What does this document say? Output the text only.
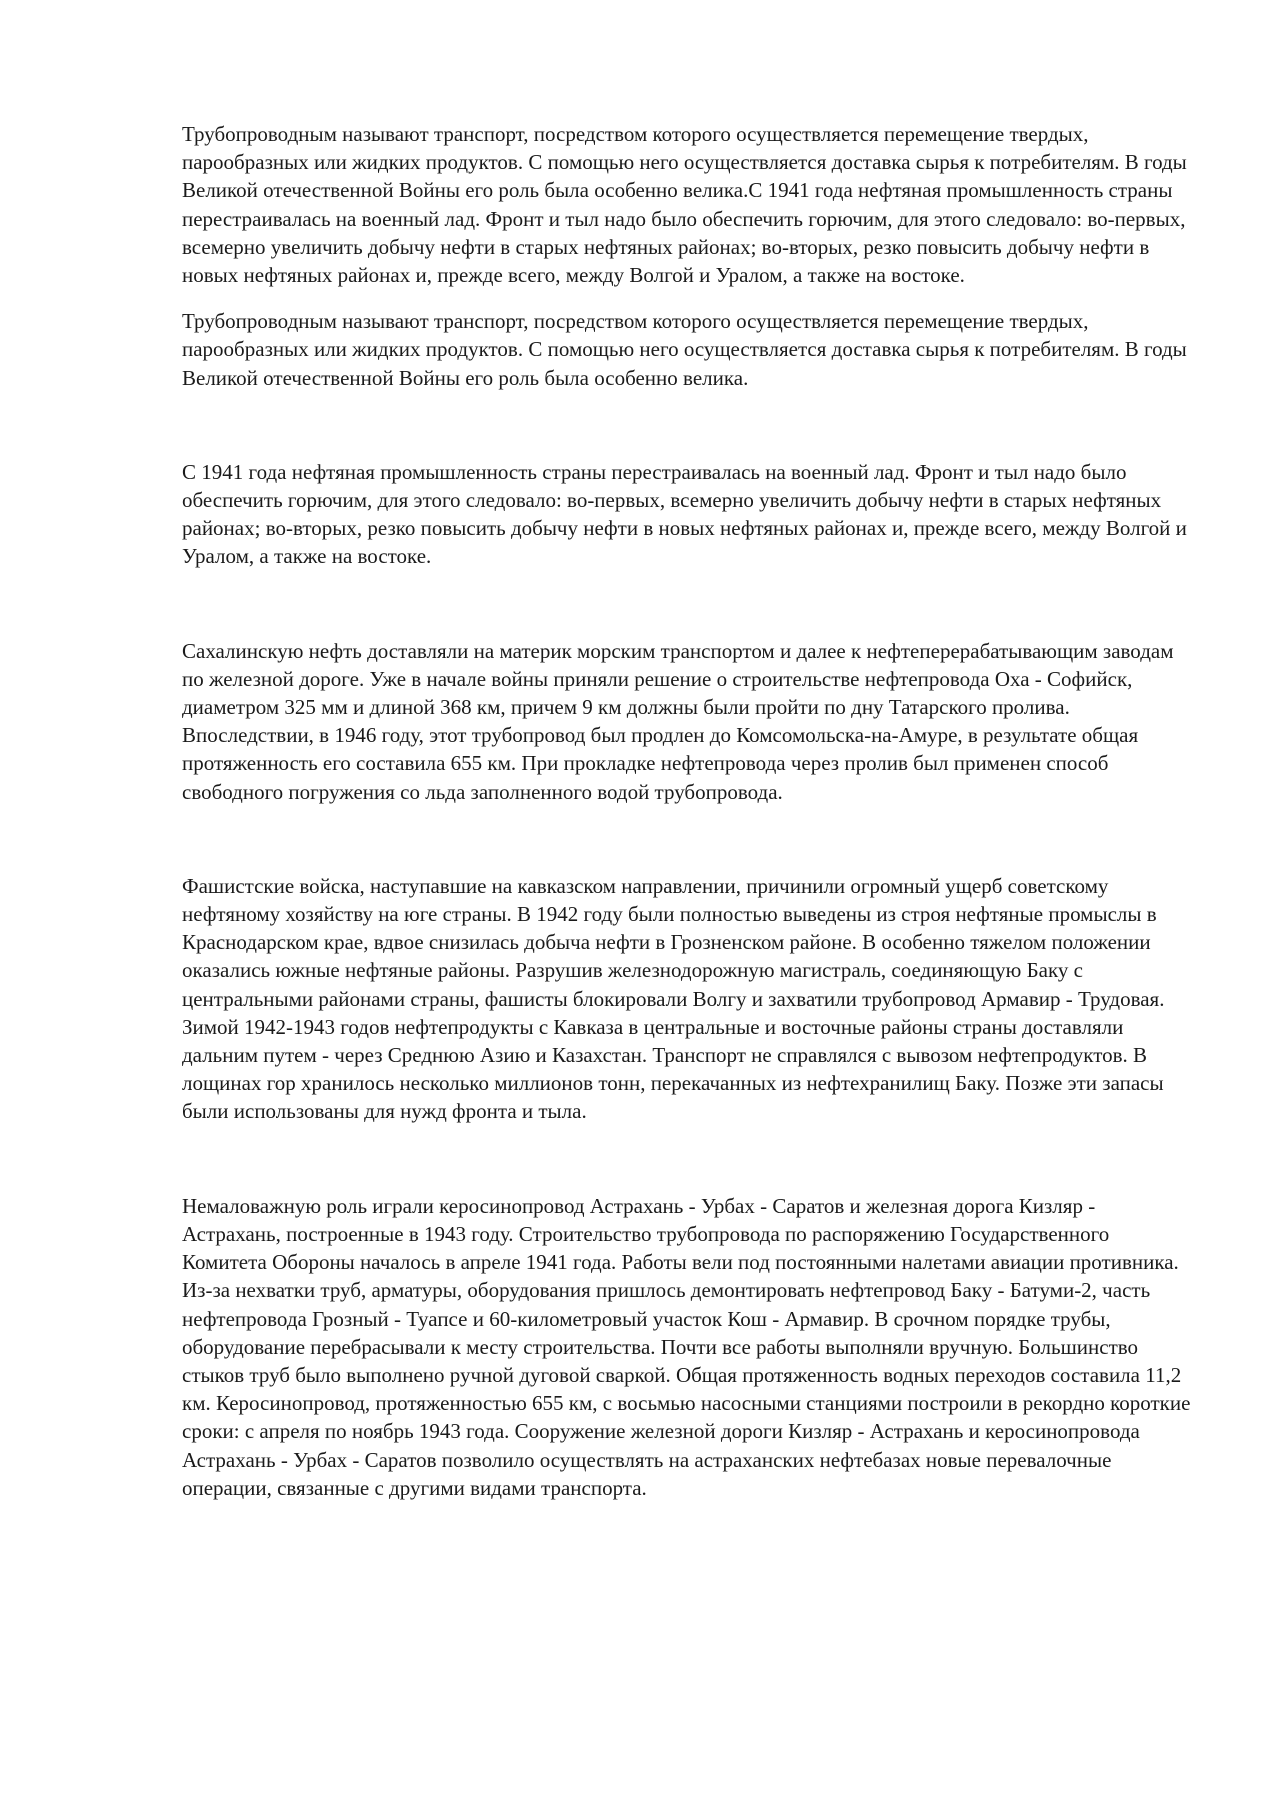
Трубопроводным называют транспорт, посредством которого осуществляется перемещение твердых, парообразных или жидких продуктов. С помощью него осуществляется доставка сырья к потребителям. В годы Великой отечественной Войны его роль была особенно велика.С 1941 года нефтяная промышленность страны перестраивалась на военный лад. Фронт и тыл надо было обеспечить горючим, для этого следовало: во-первых, всемерно увеличить добычу нефти в старых нефтяных районах; во-вторых, резко повысить добычу нефти в новых нефтяных районах и, прежде всего, между Волгой и Уралом, а также на востоке.

Трубопроводным называют транспорт, посредством которого осуществляется перемещение твердых, парообразных или жидких продуктов. С помощью него осуществляется доставка сырья к потребителям. В годы Великой отечественной Войны его роль была особенно велика.

С 1941 года нефтяная промышленность страны перестраивалась на военный лад. Фронт и тыл надо было обеспечить горючим, для этого следовало: во-первых, всемерно увеличить добычу нефти в старых нефтяных районах; во-вторых, резко повысить добычу нефти в новых нефтяных районах и, прежде всего, между Волгой и Уралом, а также на востоке.

Сахалинскую нефть доставляли на материк морским транспортом и далее к нефтеперерабатывающим заводам по железной дороге. Уже в начале войны приняли решение о строительстве нефтепровода Оха - Софийск, диаметром 325 мм и длиной 368 км, причем 9 км должны были пройти по дну Татарского пролива. Впоследствии, в 1946 году, этот трубопровод был продлен до Комсомольска-на-Амуре, в результате общая протяженность его составила 655 км. При прокладке нефтепровода через пролив был применен способ свободного погружения со льда заполненного водой трубопровода.

Фашистские войска, наступавшие на кавказском направлении, причинили огромный ущерб советскому нефтяному хозяйству на юге страны. В 1942 году были полностью выведены из строя нефтяные промыслы в Краснодарском крае, вдвое снизилась добыча нефти в Грозненском районе. В особенно тяжелом положении оказались южные нефтяные районы. Разрушив железнодорожную магистраль, соединяющую Баку с центральными районами страны, фашисты блокировали Волгу и захватили трубопровод Армавир - Трудовая. Зимой 1942-1943 годов нефтепродукты с Кавказа в центральные и восточные районы страны доставляли дальним путем - через Среднюю Азию и Казахстан. Транспорт не справлялся с вывозом нефтепродуктов. В лощинах гор хранилось несколько миллионов тонн, перекачанных из нефтехранилищ Баку. Позже эти запасы были использованы для нужд фронта и тыла.

Немаловажную роль играли керосинопровод Астрахань - Урбах - Саратов и железная дорога Кизляр - Астрахань, построенные в 1943 году. Строительство трубопровода по распоряжению Государственного Комитета Обороны началось в апреле 1941 года. Работы вели под постоянными налетами авиации противника. Из-за нехватки труб, арматуры, оборудования пришлось демонтировать нефтепровод Баку - Батуми-2, часть нефтепровода Грозный - Туапсе и 60-километровый участок Кош - Армавир. В срочном порядке трубы, оборудование перебрасывали к месту строительства. Почти все работы выполняли вручную. Большинство стыков труб было выполнено ручной дуговой сваркой. Общая протяженность водных переходов составила 11,2 км. Керосинопровод, протяженностью 655 км, с восьмью насосными станциями построили в рекордно короткие сроки: с апреля по ноябрь 1943 года. Сооружение железной дороги Кизляр - Астрахань и керосинопровода Астрахань - Урбах - Саратов позволило осуществлять на астраханских нефтебазах новые перевалочные операции, связанные с другими видами транспорта.
